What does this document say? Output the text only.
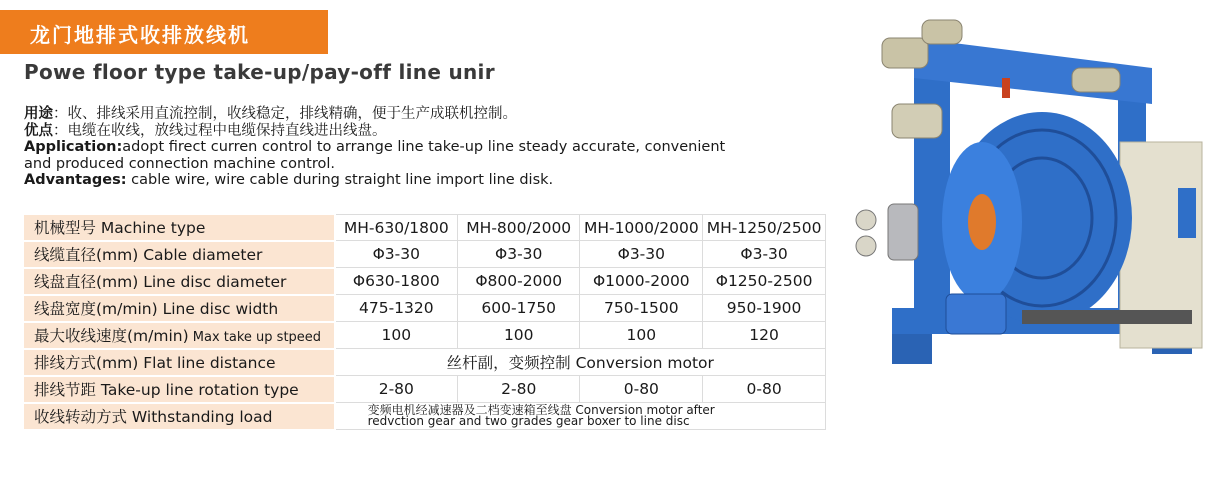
龙门地排式收排放线机
Powe floor type take-up/pay-off line unir
用途：收、排线采用直流控制，收线稳定，排线精确，便于生产成联机控制。
优点：电缆在收线，放线过程中电缆保持直线进出线盘。
Application:adopt firect curren control to arrange line take-up line steady accurate, convenient
and produced connection machine control.
Advantages: cable wire, wire cable during straight line import line disk.
机械型号 Machine type	MH-630/1800	MH-800/2000	MH-1000/2000	MH-1250/2500
线缆直径(mm) Cable diameter	Φ3-30	Φ3-30	Φ3-30	Φ3-30
线盘直径(mm) Line disc diameter	Φ630-1800	Φ800-2000	Φ1000-2000	Φ1250-2500
线盘宽度(m/min) Line disc width	475-1320	600-1750	750-1500	950-1900
最大收线速度(m/min) Max take up stpeed	100	100	100	120
排线方式(mm) Flat line distance	丝杆副，变频控制 Conversion motor			
排线节距 Take-up line rotation type	2-80	2-80	0-80	0-80
收线转动方式 Withstanding load	变频电机经减速器及二档变速箱至线盘 Conversion motor after
redvction gear and two grades gear boxer to line disc			
